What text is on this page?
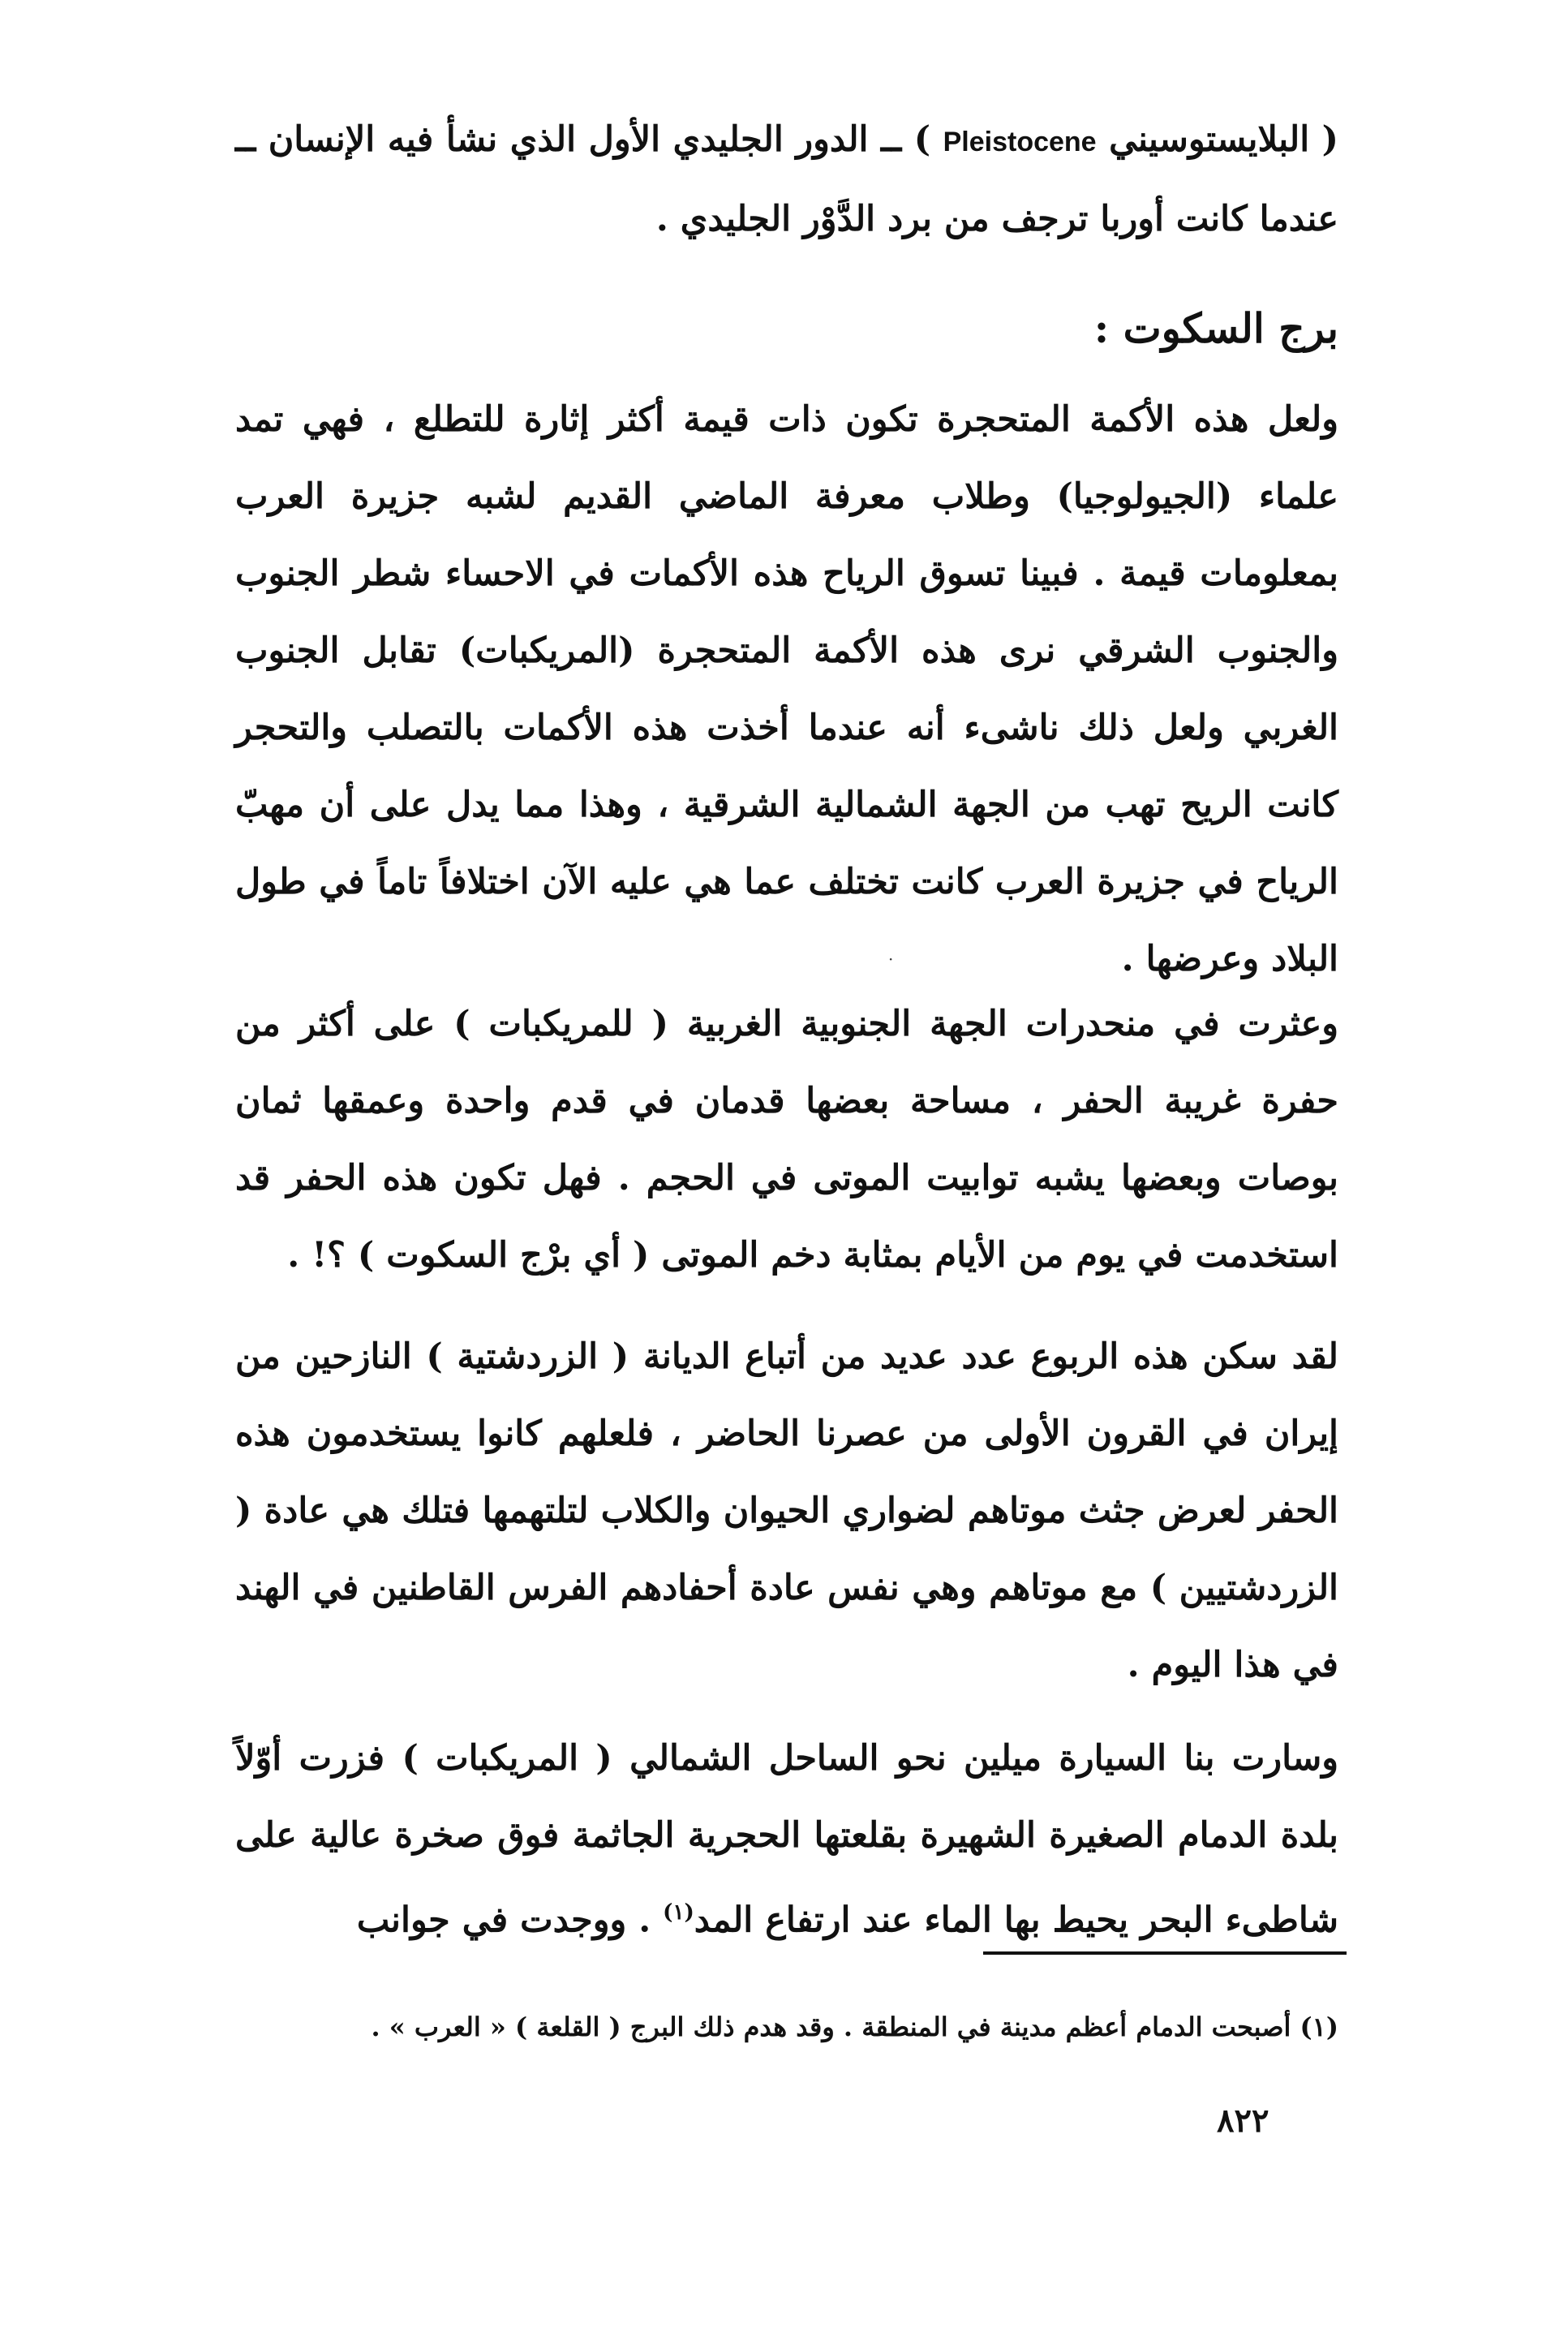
( البلايستوسيني Pleistocene ) ــ الدور الجليدي الأول الذي نشأ فيه الإنسان ــ عندما كانت أوربا ترجف من برد الدَّوْر الجليدي .

برج السكوت :

ولعل هذه الأكمة المتحجرة تكون ذات قيمة أكثر إثارة للتطلع ، فهي تمد علماء (الجيولوجيا) وطلاب معرفة الماضي القديم لشبه جزيرة العرب بمعلومات قيمة . فبينا تسوق الرياح هذه الأكمات في الاحساء شطر الجنوب والجنوب الشرقي نرى هذه الأكمة المتحجرة (المريكبات) تقابل الجنوب الغربي ولعل ذلك ناشىء أنه عندما أخذت هذه الأكمات بالتصلب والتحجر كانت الريح تهب من الجهة الشمالية الشرقية ، وهذا مما يدل على أن مهبّ الرياح في جزيرة العرب كانت تختلف عما هي عليه الآن اختلافاً تاماً في طول البلاد وعرضها .

·

وعثرت في منحدرات الجهة الجنوبية الغربية ( للمريكبات ) على أكثر من حفرة غريبة الحفر ، مساحة بعضها قدمان في قدم واحدة وعمقها ثمان بوصات وبعضها يشبه توابيت الموتى في الحجم . فهل تكون هذه الحفر قد استخدمت في يوم من الأيام بمثابة دخم الموتى ( أي برْج السكوت ) ؟! .

لقد سكن هذه الربوع عدد عديد من أتباع الديانة ( الزردشتية ) النازحين من إيران في القرون الأولى من عصرنا الحاضر ، فلعلهم كانوا يستخدمون هذه الحفر لعرض جثث موتاهم لضواري الحيوان والكلاب لتلتهمها فتلك هي عادة ( الزردشتيين ) مع موتاهم وهي نفس عادة أحفادهم الفرس القاطنين في الهند في هذا اليوم .

وسارت بنا السيارة ميلين نحو الساحل الشمالي ( المريكبات ) فزرت أوّلاً بلدة الدمام الصغيرة الشهيرة بقلعتها الحجرية الجاثمة فوق صخرة عالية على شاطىء البحر يحيط بها الماء عند ارتفاع المد$^{(١)}$ . ووجدت في جوانب

(١) أصبحت الدمام أعظم مدينة في المنطقة . وقد هدم ذلك البرج ( القلعة ) « العرب » .
٨٢٢
